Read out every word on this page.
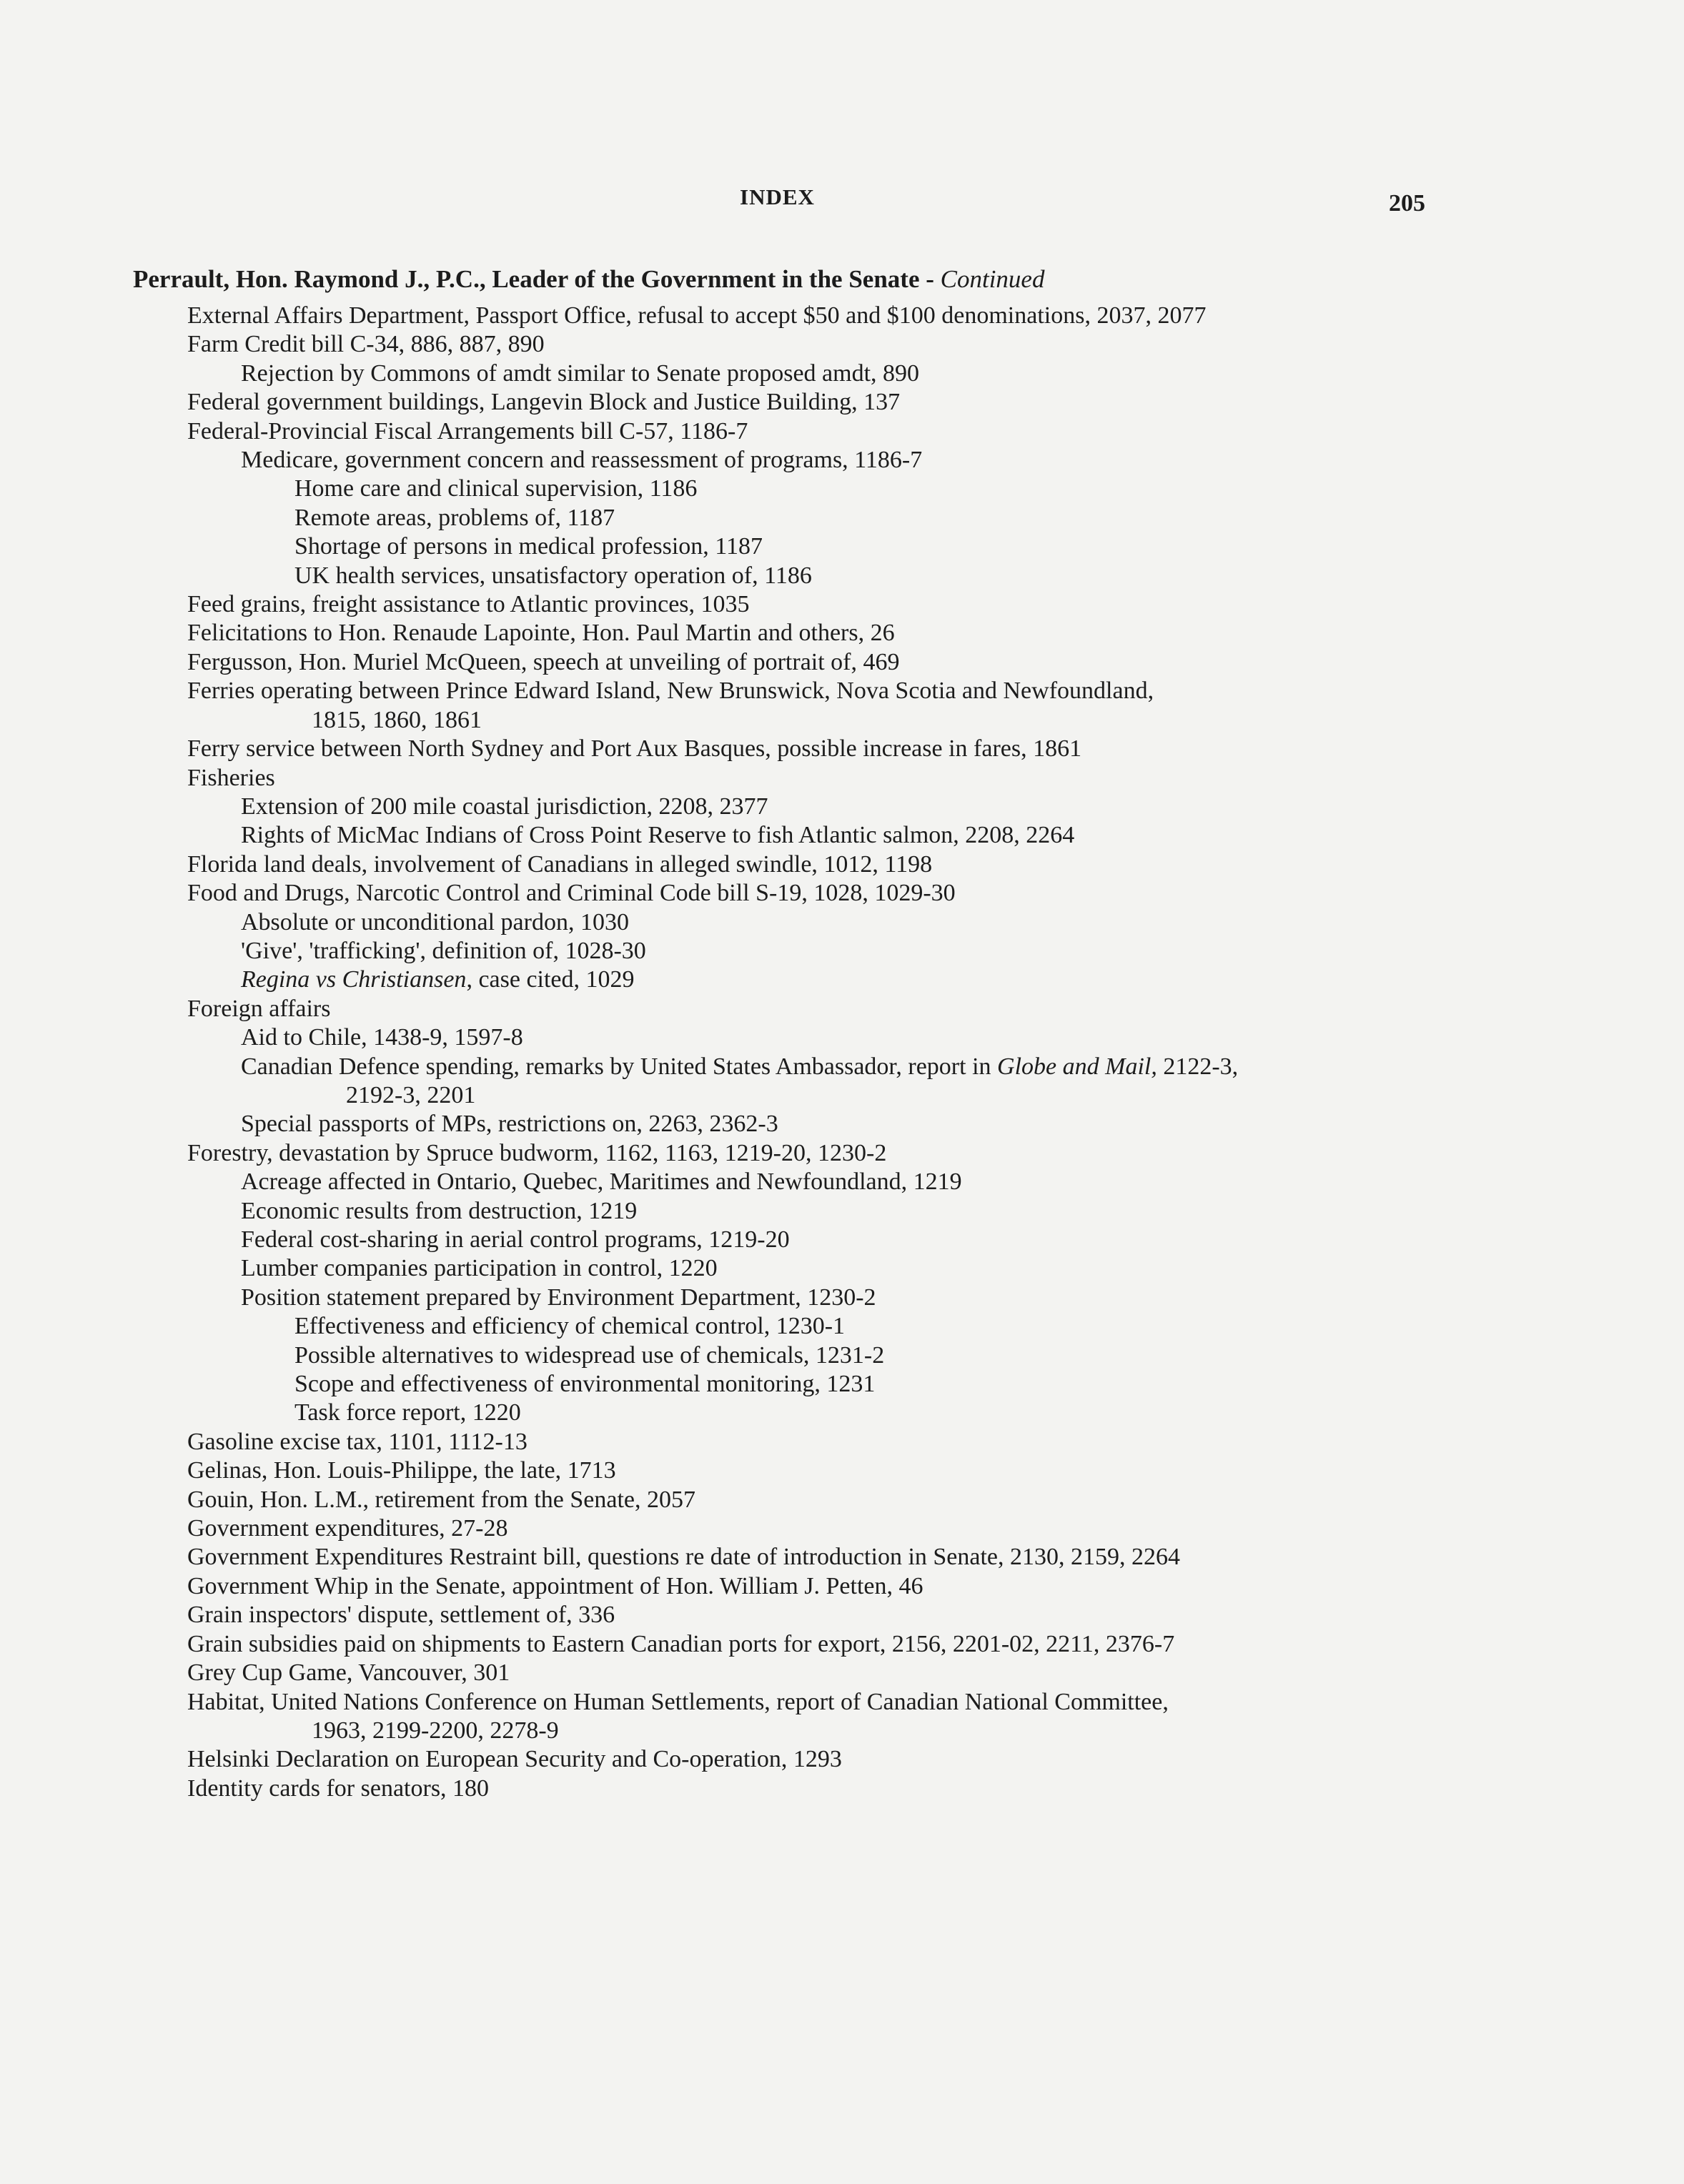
INDEX	205
Perrault, Hon. Raymond J., P.C., Leader of the Government in the Senate - Continued
External Affairs Department, Passport Office, refusal to accept $50 and $100 denominations, 2037, 2077
Farm Credit bill C-34, 886, 887, 890
Rejection by Commons of amdt similar to Senate proposed amdt, 890
Federal government buildings, Langevin Block and Justice Building, 137
Federal-Provincial Fiscal Arrangements bill C-57, 1186-7
Medicare, government concern and reassessment of programs, 1186-7
Home care and clinical supervision, 1186
Remote areas, problems of, 1187
Shortage of persons in medical profession, 1187
UK health services, unsatisfactory operation of, 1186
Feed grains, freight assistance to Atlantic provinces, 1035
Felicitations to Hon. Renaude Lapointe, Hon. Paul Martin and others, 26
Fergusson, Hon. Muriel McQueen, speech at unveiling of portrait of, 469
Ferries operating between Prince Edward Island, New Brunswick, Nova Scotia and Newfoundland,
1815, 1860, 1861
Ferry service between North Sydney and Port Aux Basques, possible increase in fares, 1861
Fisheries
Extension of 200 mile coastal jurisdiction, 2208, 2377
Rights of MicMac Indians of Cross Point Reserve to fish Atlantic salmon, 2208, 2264
Florida land deals, involvement of Canadians in alleged swindle, 1012, 1198
Food and Drugs, Narcotic Control and Criminal Code bill S-19, 1028, 1029-30
Absolute or unconditional pardon, 1030
'Give', 'trafficking', definition of, 1028-30
Regina vs Christiansen, case cited, 1029
Foreign affairs
Aid to Chile, 1438-9, 1597-8
Canadian Defence spending, remarks by United States Ambassador, report in Globe and Mail, 2122-3,
2192-3, 2201
Special passports of MPs, restrictions on, 2263, 2362-3
Forestry, devastation by Spruce budworm, 1162, 1163, 1219-20, 1230-2
Acreage affected in Ontario, Quebec, Maritimes and Newfoundland, 1219
Economic results from destruction, 1219
Federal cost-sharing in aerial control programs, 1219-20
Lumber companies participation in control, 1220
Position statement prepared by Environment Department, 1230-2
Effectiveness and efficiency of chemical control, 1230-1
Possible alternatives to widespread use of chemicals, 1231-2
Scope and effectiveness of environmental monitoring, 1231
Task force report, 1220
Gasoline excise tax, 1101, 1112-13
Gelinas, Hon. Louis-Philippe, the late, 1713
Gouin, Hon. L.M., retirement from the Senate, 2057
Government expenditures, 27-28
Government Expenditures Restraint bill, questions re date of introduction in Senate, 2130, 2159, 2264
Government Whip in the Senate, appointment of Hon. William J. Petten, 46
Grain inspectors' dispute, settlement of, 336
Grain subsidies paid on shipments to Eastern Canadian ports for export, 2156, 2201-02, 2211, 2376-7
Grey Cup Game, Vancouver, 301
Habitat, United Nations Conference on Human Settlements, report of Canadian National Committee,
1963, 2199-2200, 2278-9
Helsinki Declaration on European Security and Co-operation, 1293
Identity cards for senators, 180
